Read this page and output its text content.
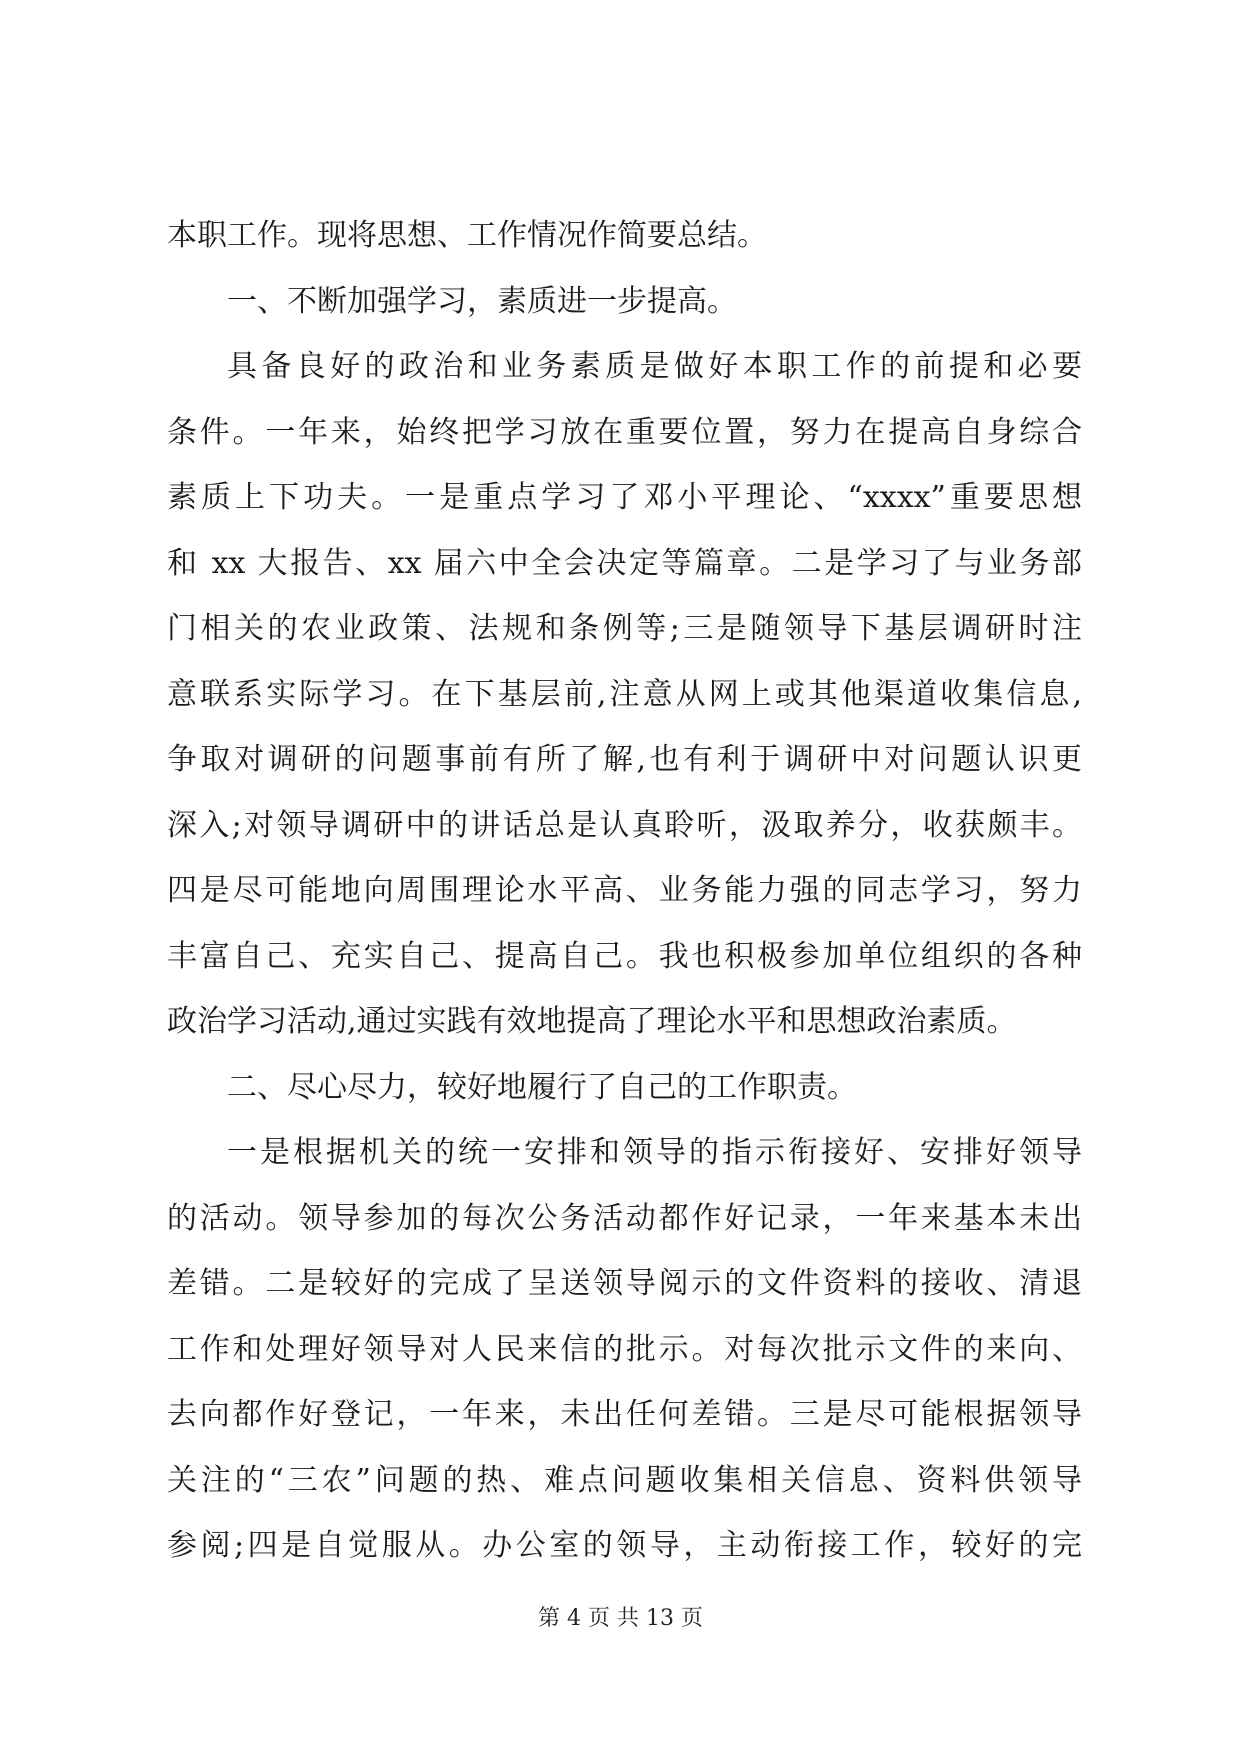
本职工作。现将思想、工作情况作简要总结。
一、不断加强学习，素质进一步提高。
具备良好的政治和业务素质是做好本职工作的前提和必要
条件。一年来，始终把学习放在重要位置，努力在提高自身综合
素质上下功夫。一是重点学习了邓小平理论、“xxxx”重要思想
和 xx 大报告、xx 届六中全会决定等篇章。二是学习了与业务部
门相关的农业政策、法规和条例等;三是随领导下基层调研时注
意联系实际学习。在下基层前,注意从网上或其他渠道收集信息,
争取对调研的问题事前有所了解,也有利于调研中对问题认识更
深入;对领导调研中的讲话总是认真聆听，汲取养分，收获颇丰。
四是尽可能地向周围理论水平高、业务能力强的同志学习，努力
丰富自己、充实自己、提高自己。我也积极参加单位组织的各种
政治学习活动,通过实践有效地提高了理论水平和思想政治素质。
二、尽心尽力，较好地履行了自己的工作职责。
一是根据机关的统一安排和领导的指示衔接好、安排好领导
的活动。领导参加的每次公务活动都作好记录，一年来基本未出
差错。二是较好的完成了呈送领导阅示的文件资料的接收、清退
工作和处理好领导对人民来信的批示。对每次批示文件的来向、
去向都作好登记，一年来，未出任何差错。三是尽可能根据领导
关注的“三农”问题的热、难点问题收集相关信息、资料供领导
参阅;四是自觉服从。办公室的领导，主动衔接工作，较好的完
第 4 页 共 13 页
